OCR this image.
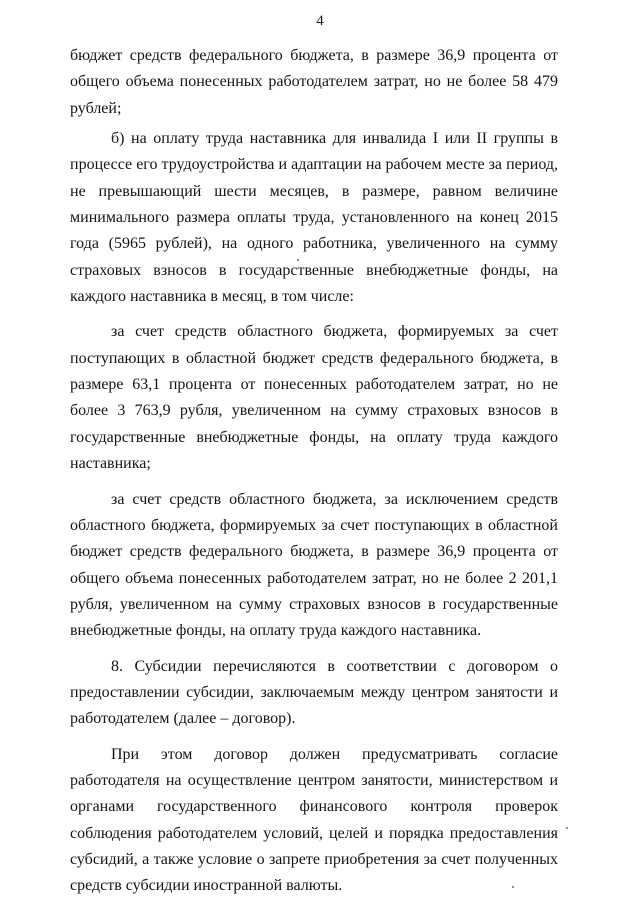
4

бюджет средств федерального бюджета, в размере 36,9 процента от общего объема понесенных работодателем затрат, но не более 58 479 рублей;

б) на оплату труда наставника для инвалида I или II группы в процессе его трудоустройства и адаптации на рабочем месте за период, не превышающий шести месяцев, в размере, равном величине минимального размера оплаты труда, установленного на конец 2015 года (5965 рублей), на одного работника, увеличенного на сумму страховых взносов в государственные внебюджетные фонды, на каждого наставника в месяц, в том числе:

за счет средств областного бюджета, формируемых за счет поступающих в областной бюджет средств федерального бюджета, в размере 63,1 процента от понесенных работодателем затрат, но не более 3 763,9 рубля, увеличенном на сумму страховых взносов в государственные внебюджетные фонды, на оплату труда каждого наставника;

за счет средств областного бюджета, за исключением средств областного бюджета, формируемых за счет поступающих в областной бюджет средств федерального бюджета, в размере 36,9 процента от общего объема понесенных работодателем затрат, но не более 2 201,1 рубля, увеличенном на сумму страховых взносов в государственные внебюджетные фонды, на оплату труда каждого наставника.

8. Субсидии перечисляются в соответствии с договором о предоставлении субсидии, заключаемым между центром занятости и работодателем (далее – договор).

При этом договор должен предусматривать согласие работодателя на осуществление центром занятости, министерством и органами государственного финансового контроля проверок соблюдения работодателем условий, целей и порядка предоставления субсидий, а также условие о запрете приобретения за счет полученных средств субсидии иностранной валюты.
